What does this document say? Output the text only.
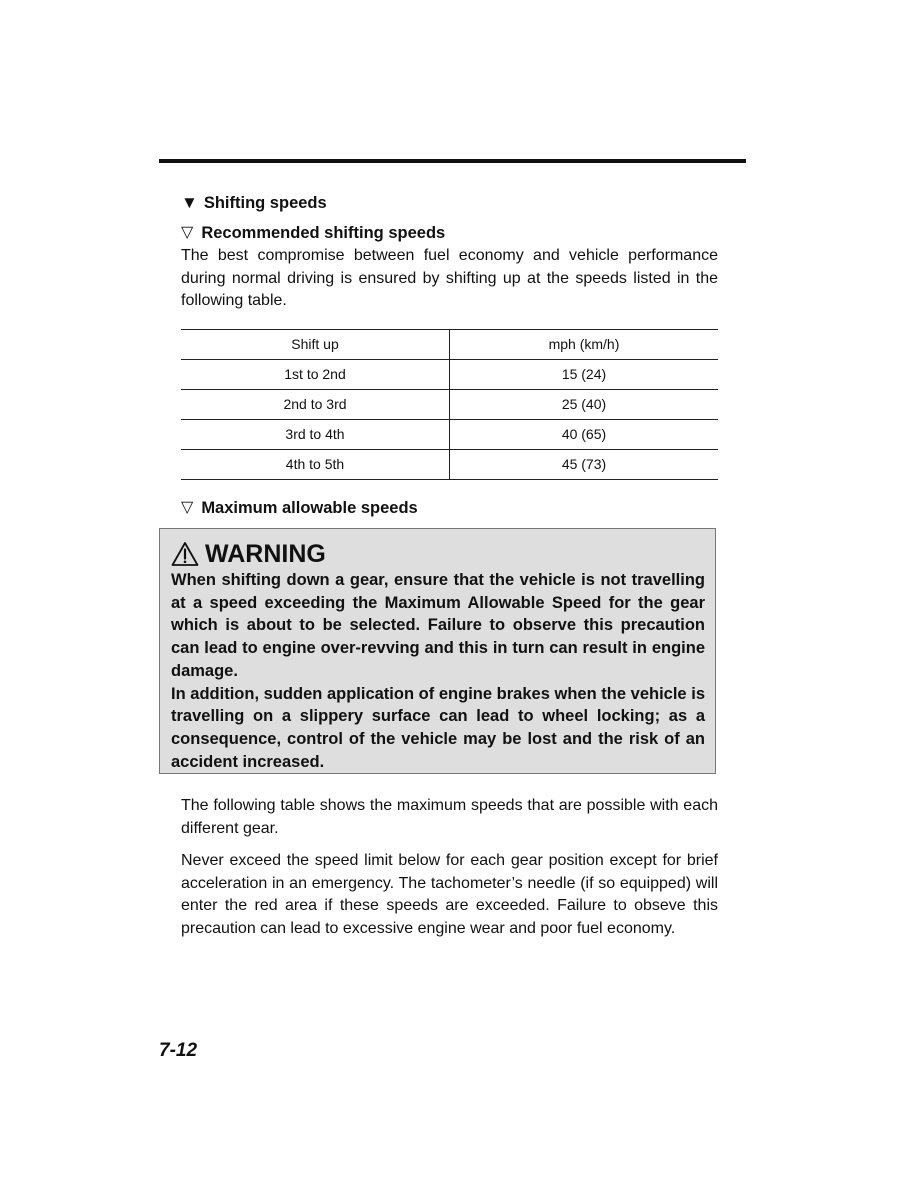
▼ Shifting speeds
▽ Recommended shifting speeds

The best compromise between fuel economy and vehicle performance during normal driving is ensured by shifting up at the speeds listed in the following table.

Shift up	mph (km/h)
1st to 2nd	15 (24)
2nd to 3rd	25 (40)
3rd to 4th	40 (65)
4th to 5th	45 (73)
▽ Maximum allowable speeds
WARNING

When shifting down a gear, ensure that the vehicle is not travelling at a speed exceeding the Maximum Allowable Speed for the gear which is about to be selected. Failure to observe this precaution can lead to engine over-revving and this in turn can result in engine damage.

In addition, sudden application of engine brakes when the vehicle is travelling on a slippery surface can lead to wheel locking; as a consequence, control of the vehicle may be lost and the risk of an accident increased.

The following table shows the maximum speeds that are possible with each different gear.

Never exceed the speed limit below for each gear position except for brief acceleration in an emergency. The tachometer’s needle (if so equipped) will enter the red area if these speeds are exceeded. Failure to obseve this precaution can lead to excessive engine wear and poor fuel economy.

7-12
